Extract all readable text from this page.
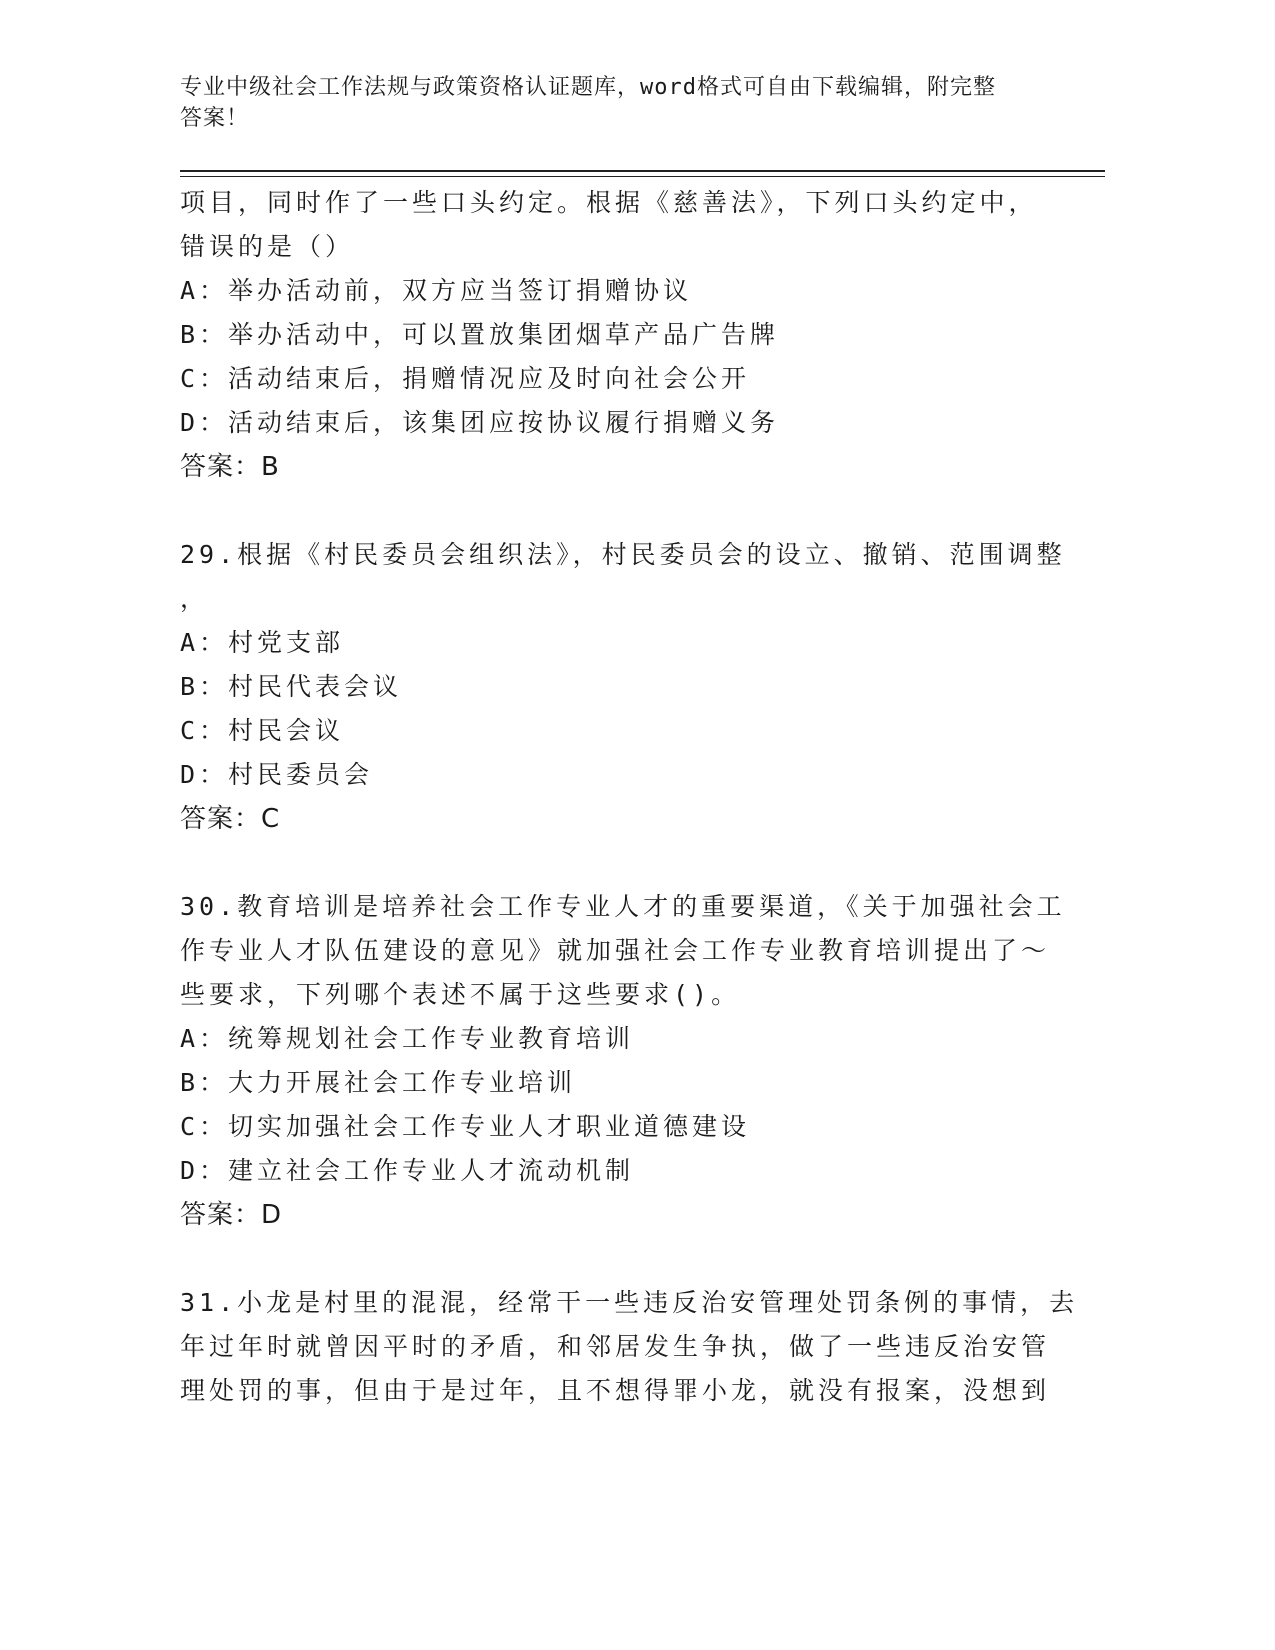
专业中级社会工作法规与政策资格认证题库，word格式可自由下载编辑，附完整
答案！
项目，同时作了一些口头约定。根据《慈善法》，下列口头约定中，
错误的是（）
A：举办活动前，双方应当签订捐赠协议
B：举办活动中，可以置放集团烟草产品广告牌
C：活动结束后，捐赠情况应及时向社会公开
D：活动结束后，该集团应按协议履行捐赠义务
答案：B
29.根据《村民委员会组织法》，村民委员会的设立、撤销、范围调整
，
A：村党支部
B：村民代表会议
C：村民会议
D：村民委员会
答案：C
30.教育培训是培养社会工作专业人才的重要渠道，《关于加强社会工
作专业人才队伍建设的意见》就加强社会工作专业教育培训提出了～
些要求，下列哪个表述不属于这些要求()。
A：统筹规划社会工作专业教育培训
B：大力开展社会工作专业培训
C：切实加强社会工作专业人才职业道德建设
D：建立社会工作专业人才流动机制
答案：D
31.小龙是村里的混混，经常干一些违反治安管理处罚条例的事情，去
年过年时就曾因平时的矛盾，和邻居发生争执，做了一些违反治安管
理处罚的事，但由于是过年，且不想得罪小龙，就没有报案，没想到
